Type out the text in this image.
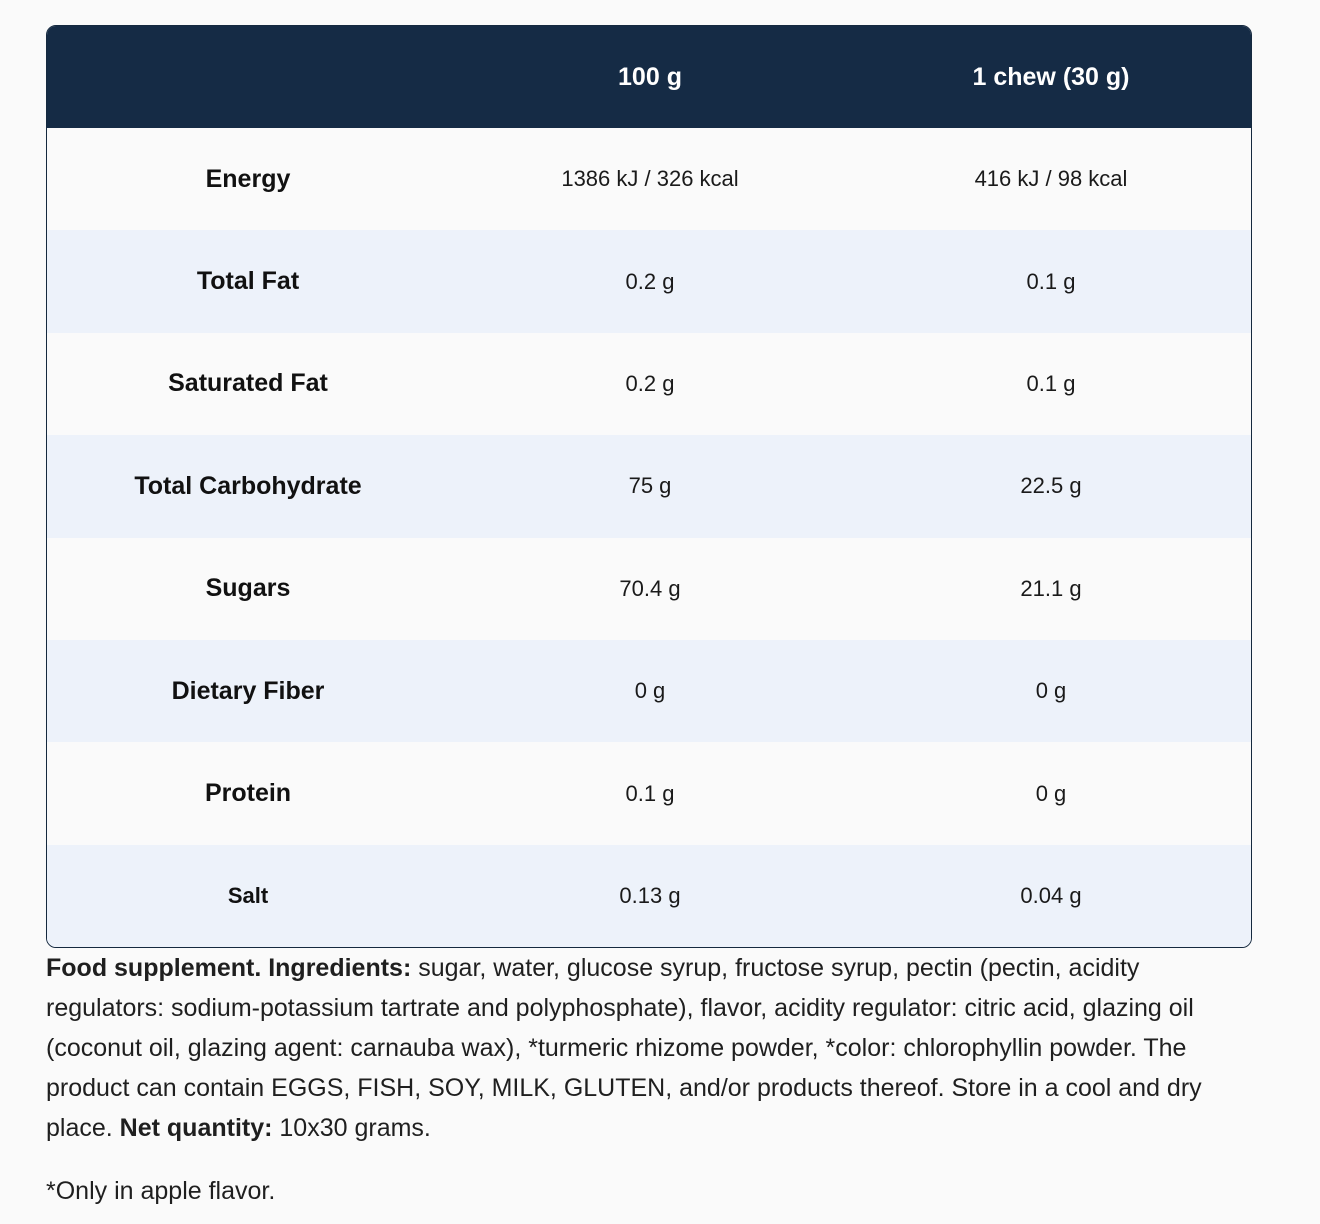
100 g	1 chew (30 g)
Energy	1386 kJ / 326 kcal	416 kJ / 98 kcal
Total Fat	0.2 g	0.1 g
Saturated Fat	0.2 g	0.1 g
Total Carbohydrate	75 g	22.5 g
Sugars	70.4 g	21.1 g
Dietary Fiber	0 g	0 g
Protein	0.1 g	0 g
Salt	0.13 g	0.04 g

Food supplement. Ingredients: sugar, water, glucose syrup, fructose syrup, pectin (pectin, acidity regulators: sodium-potassium tartrate and polyphosphate), flavor, acidity regulator: citric acid, glazing oil (coconut oil, glazing agent: carnauba wax), *turmeric rhizome powder, *color: chlorophyllin powder. The product can contain EGGS, FISH, SOY, MILK, GLUTEN, and/or products thereof. Store in a cool and dry place. Net quantity: 10x30 grams.

*Only in apple flavor.
